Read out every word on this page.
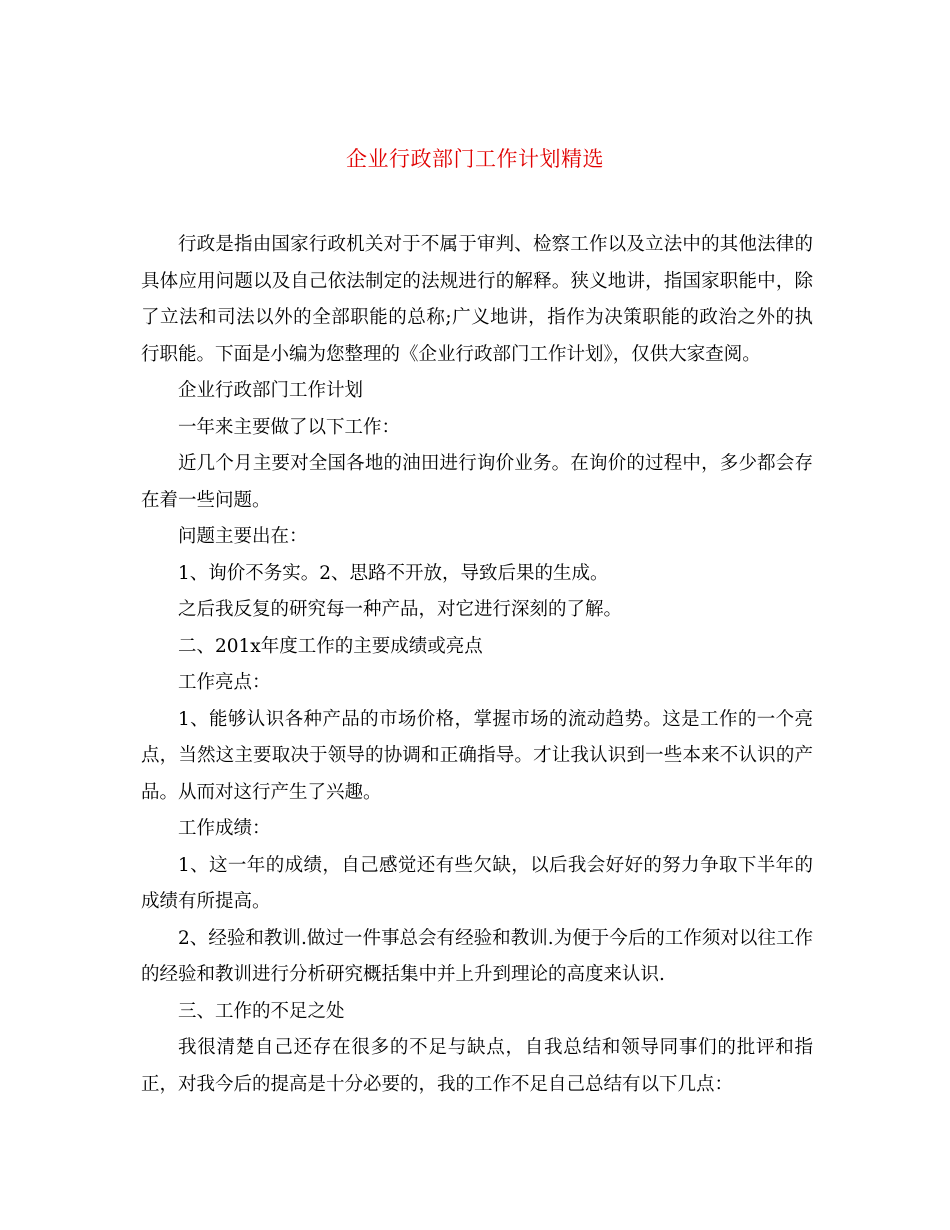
企业行政部门工作计划精选

行政是指由国家行政机关对于不属于审判、检察工作以及立法中的其他法律的具体应用问题以及自己依法制定的法规进行的解释。狭义地讲，指国家职能中，除了立法和司法以外的全部职能的总称;广义地讲，指作为决策职能的政治之外的执行职能。下面是小编为您整理的《企业行政部门工作计划》，仅供大家查阅。

企业行政部门工作计划

一年来主要做了以下工作：

近几个月主要对全国各地的油田进行询价业务。在询价的过程中，多少都会存在着一些问题。

问题主要出在：

1、询价不务实。2、思路不开放，导致后果的生成。

之后我反复的研究每一种产品，对它进行深刻的了解。

二、201x年度工作的主要成绩或亮点

工作亮点：

1、能够认识各种产品的市场价格，掌握市场的流动趋势。这是工作的一个亮点，当然这主要取决于领导的协调和正确指导。才让我认识到一些本来不认识的产品。从而对这行产生了兴趣。

工作成绩：

1、这一年的成绩，自己感觉还有些欠缺，以后我会好好的努力争取下半年的成绩有所提高。

2、经验和教训.做过一件事总会有经验和教训.为便于今后的工作须对以往工作的经验和教训进行分析研究概括集中并上升到理论的高度来认识.

三、工作的不足之处

我很清楚自己还存在很多的不足与缺点，自我总结和领导同事们的批评和指正，对我今后的提高是十分必要的，我的工作不足自己总结有以下几点：
